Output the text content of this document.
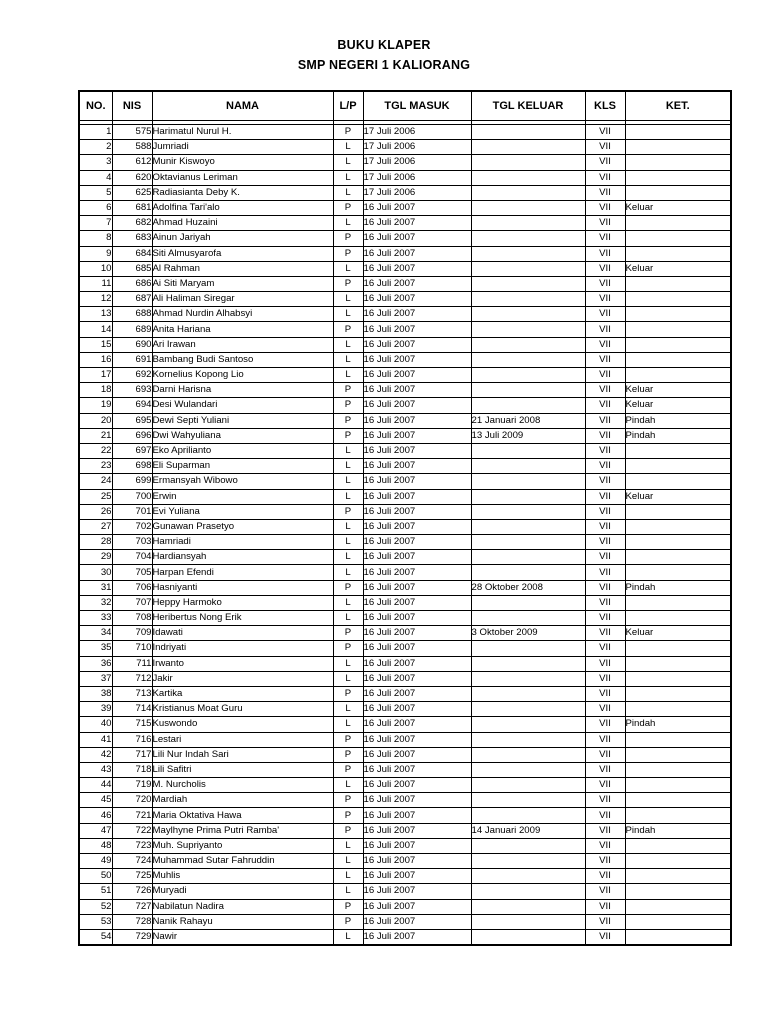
BUKU KLAPER
SMP NEGERI 1 KALIORANG
NO.	NIS	NAMA	L/P	TGL MASUK	TGL KELUAR	KLS	KET.

1	575	Harimatul Nurul H.	P	17 Juli 2006		VII	
2	588	Jumriadi	L	17 Juli 2006		VII	
3	612	Munir Kiswoyo	L	17 Juli 2006		VII	
4	620	Oktavianus Leriman	L	17 Juli 2006		VII	
5	625	Radiasianta Deby K.	L	17 Juli 2006		VII	
6	681	Adolfina Tari'alo	P	16 Juli 2007		VII	Keluar
7	682	Ahmad Huzaini	L	16 Juli 2007		VII	
8	683	Ainun Jariyah	P	16 Juli 2007		VII	
9	684	Siti Almusyarofa	P	16 Juli 2007		VII	
10	685	Al Rahman	L	16 Juli 2007		VII	Keluar
11	686	Ai Siti Maryam	P	16 Juli 2007		VII	
12	687	Ali Haliman Siregar	L	16 Juli 2007		VII	
13	688	Ahmad Nurdin Alhabsyi	L	16 Juli 2007		VII	
14	689	Anita Hariana	P	16 Juli 2007		VII	
15	690	Ari Irawan	L	16 Juli 2007		VII	
16	691	Bambang Budi Santoso	L	16 Juli 2007		VII	
17	692	Kornelius Kopong Lio	L	16 Juli 2007		VII	
18	693	Darni Harisna	P	16 Juli 2007		VII	Keluar
19	694	Desi Wulandari	P	16 Juli 2007		VII	Keluar
20	695	Dewi Septi Yuliani	P	16 Juli 2007	21 Januari 2008	VII	Pindah
21	696	Dwi Wahyuliana	P	16 Juli 2007	13 Juli 2009	VII	Pindah
22	697	Eko Aprilianto	L	16 Juli 2007		VII	
23	698	Eli Suparman	L	16 Juli 2007		VII	
24	699	Ermansyah Wibowo	L	16 Juli 2007		VII	
25	700	Erwin	L	16 Juli 2007		VII	Keluar
26	701	Evi Yuliana	P	16 Juli 2007		VII	
27	702	Gunawan Prasetyo	L	16 Juli 2007		VII	
28	703	Hamriadi	L	16 Juli 2007		VII	
29	704	Hardiansyah	L	16 Juli 2007		VII	
30	705	Harpan Efendi	L	16 Juli 2007		VII	
31	706	Hasniyanti	P	16 Juli 2007	28 Oktober 2008	VII	Pindah
32	707	Heppy Harmoko	L	16 Juli 2007		VII	
33	708	Heribertus Nong Erik	L	16 Juli 2007		VII	
34	709	Idawati	P	16 Juli 2007	3 Oktober 2009	VII	Keluar
35	710	Indriyati	P	16 Juli 2007		VII	
36	711	Irwanto	L	16 Juli 2007		VII	
37	712	Jakir	L	16 Juli 2007		VII	
38	713	Kartika	P	16 Juli 2007		VII	
39	714	Kristianus Moat Guru	L	16 Juli 2007		VII	
40	715	Kuswondo	L	16 Juli 2007		VII	Pindah
41	716	Lestari	P	16 Juli 2007		VII	
42	717	Lili Nur Indah Sari	P	16 Juli 2007		VII	
43	718	Lili Safitri	P	16 Juli 2007		VII	
44	719	M. Nurcholis	L	16 Juli 2007		VII	
45	720	Mardiah	P	16 Juli 2007		VII	
46	721	Maria Oktativa Hawa	P	16 Juli 2007		VII	
47	722	Maylhyne Prima Putri Ramba'	P	16 Juli 2007	14 Januari 2009	VII	Pindah
48	723	Muh. Supriyanto	L	16 Juli 2007		VII	
49	724	Muhammad Sutar Fahruddin	L	16 Juli 2007		VII	
50	725	Muhlis	L	16 Juli 2007		VII	
51	726	Muryadi	L	16 Juli 2007		VII	
52	727	Nabilatun Nadira	P	16 Juli 2007		VII	
53	728	Nanik Rahayu	P	16 Juli 2007		VII	
54	729	Nawir	L	16 Juli 2007		VII	
